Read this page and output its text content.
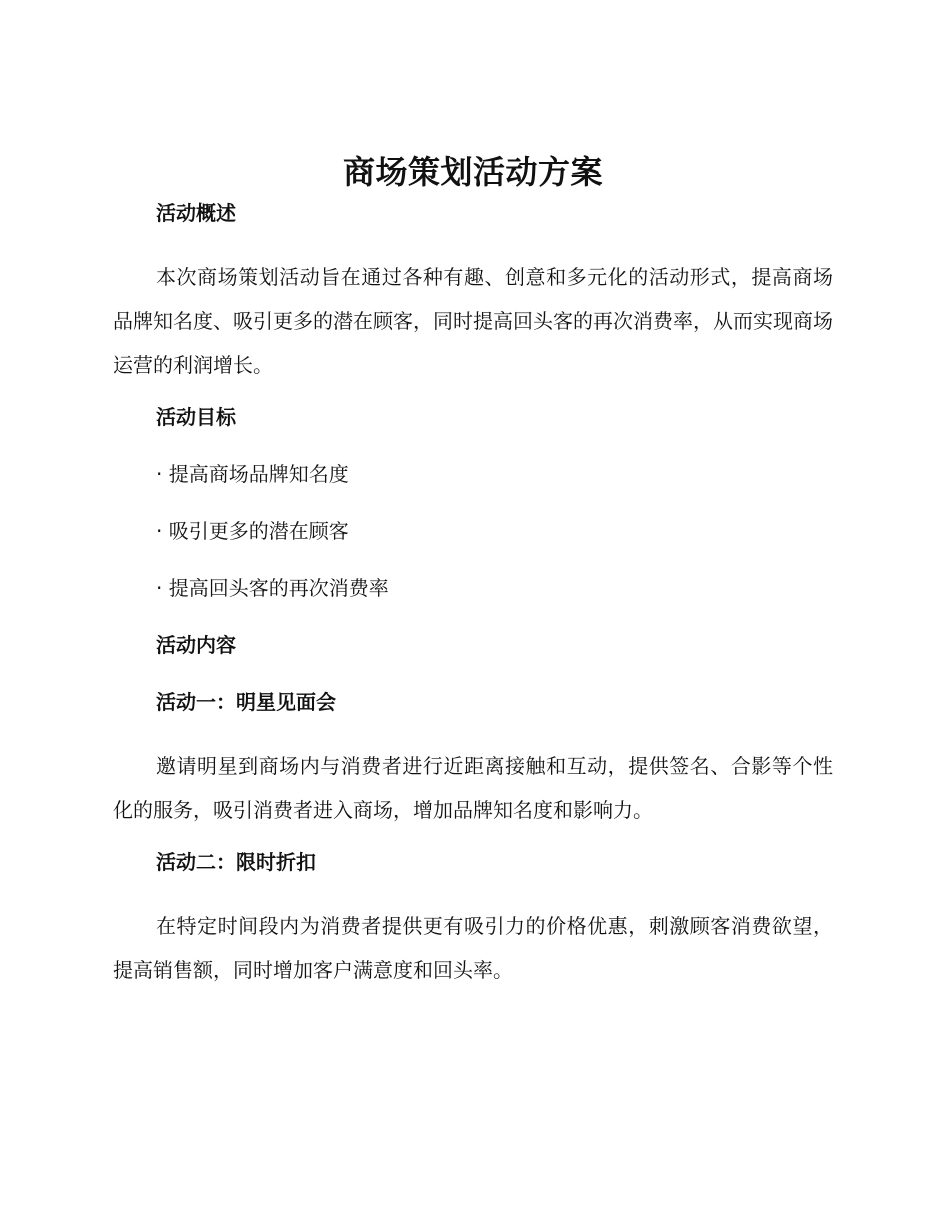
商场策划活动方案
活动概述

本次商场策划活动旨在通过各种有趣、创意和多元化的活动形式，提高商场品牌知名度、吸引更多的潜在顾客，同时提高回头客的再次消费率，从而实现商场运营的利润增长。

活动目标
· 提高商场品牌知名度
· 吸引更多的潜在顾客
· 提高回头客的再次消费率
活动内容
活动一：明星见面会

邀请明星到商场内与消费者进行近距离接触和互动，提供签名、合影等个性化的服务，吸引消费者进入商场，增加品牌知名度和影响力。

活动二：限时折扣

在特定时间段内为消费者提供更有吸引力的价格优惠，刺激顾客消费欲望，提高销售额，同时增加客户满意度和回头率。
